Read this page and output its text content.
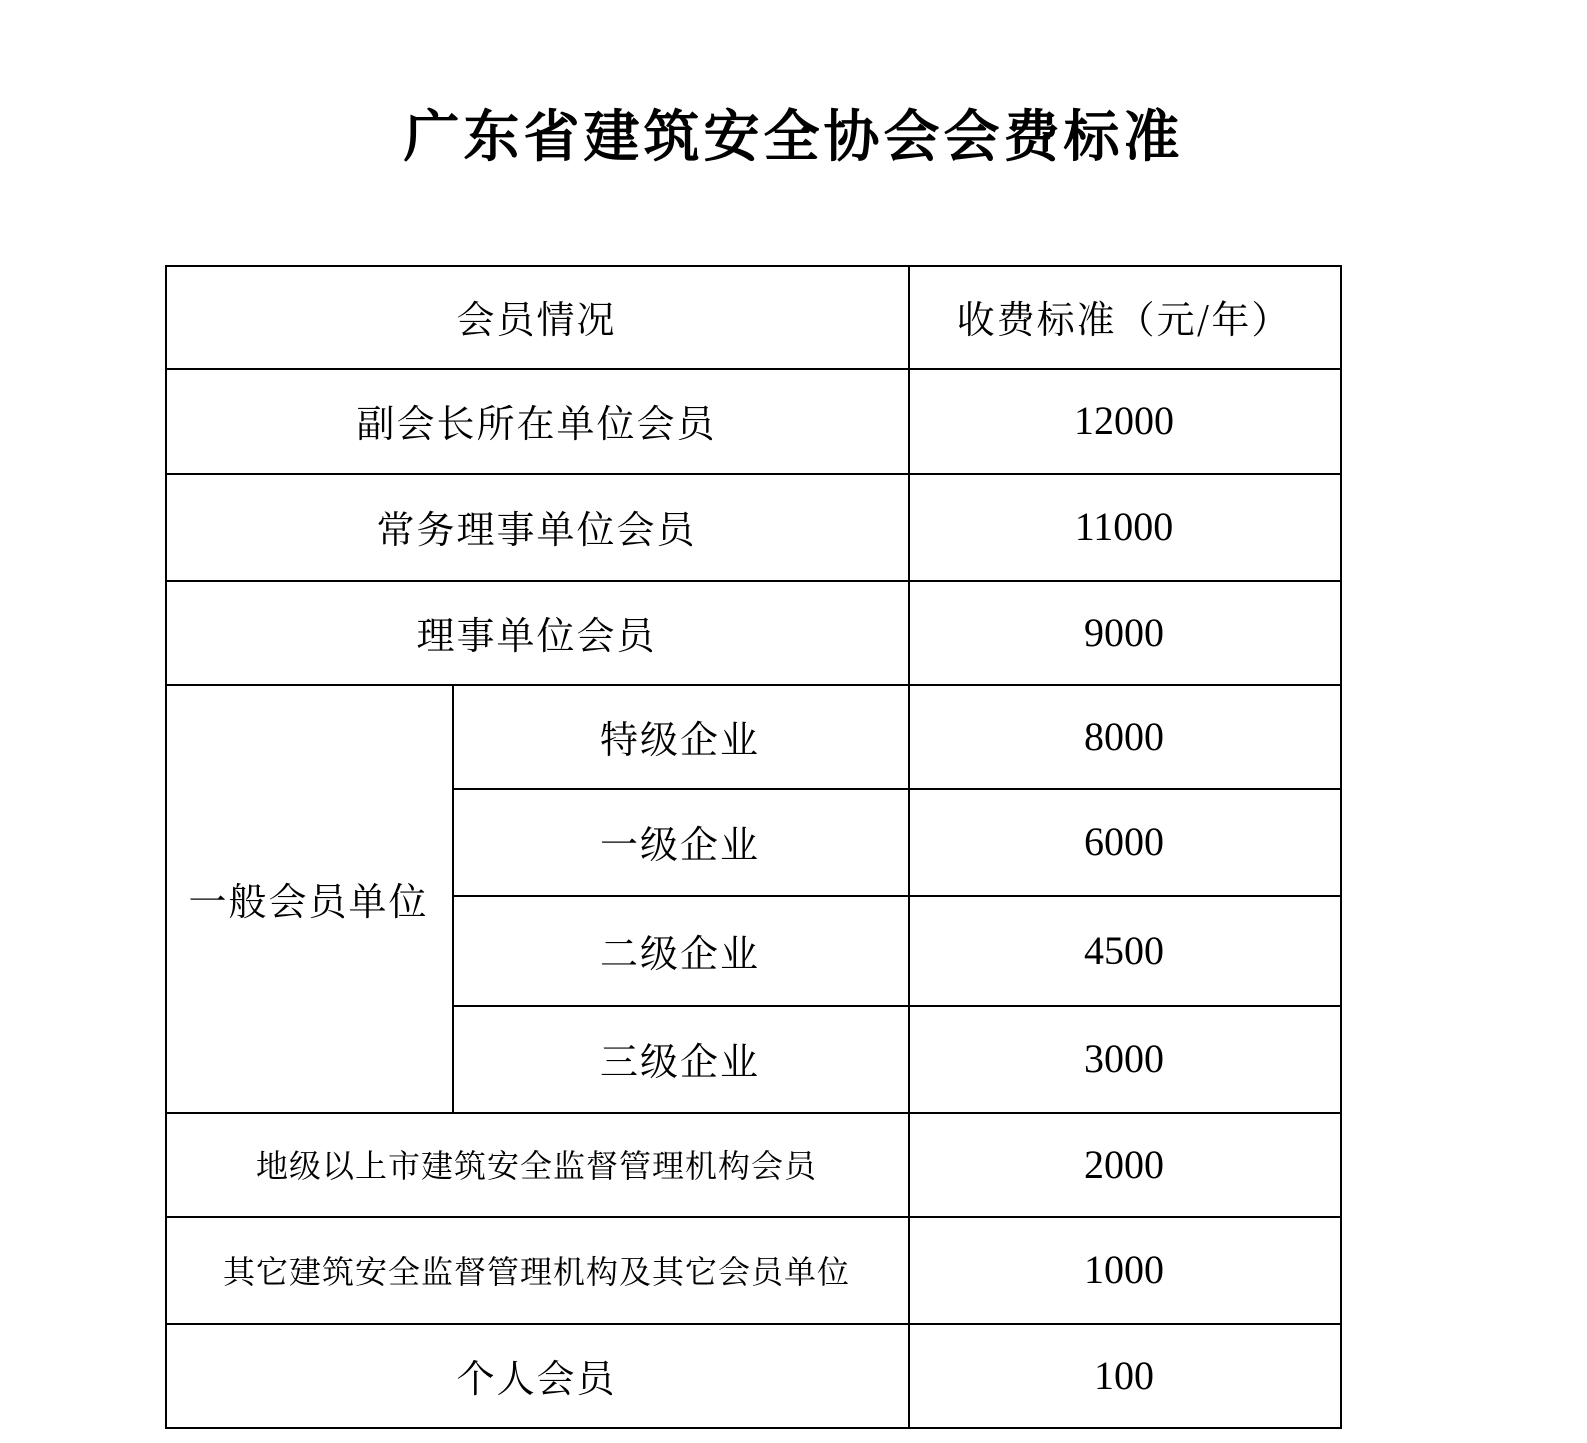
广东省建筑安全协会会费标准
会员情况	收费标准（元/年）
副会长所在单位会员	12000
常务理事单位会员	11000
理事单位会员	9000
一般会员单位
特级企业	8000
一级企业	6000
二级企业	4500
三级企业	3000
地级以上市建筑安全监督管理机构会员	2000
其它建筑安全监督管理机构及其它会员单位	1000
个人会员	100
